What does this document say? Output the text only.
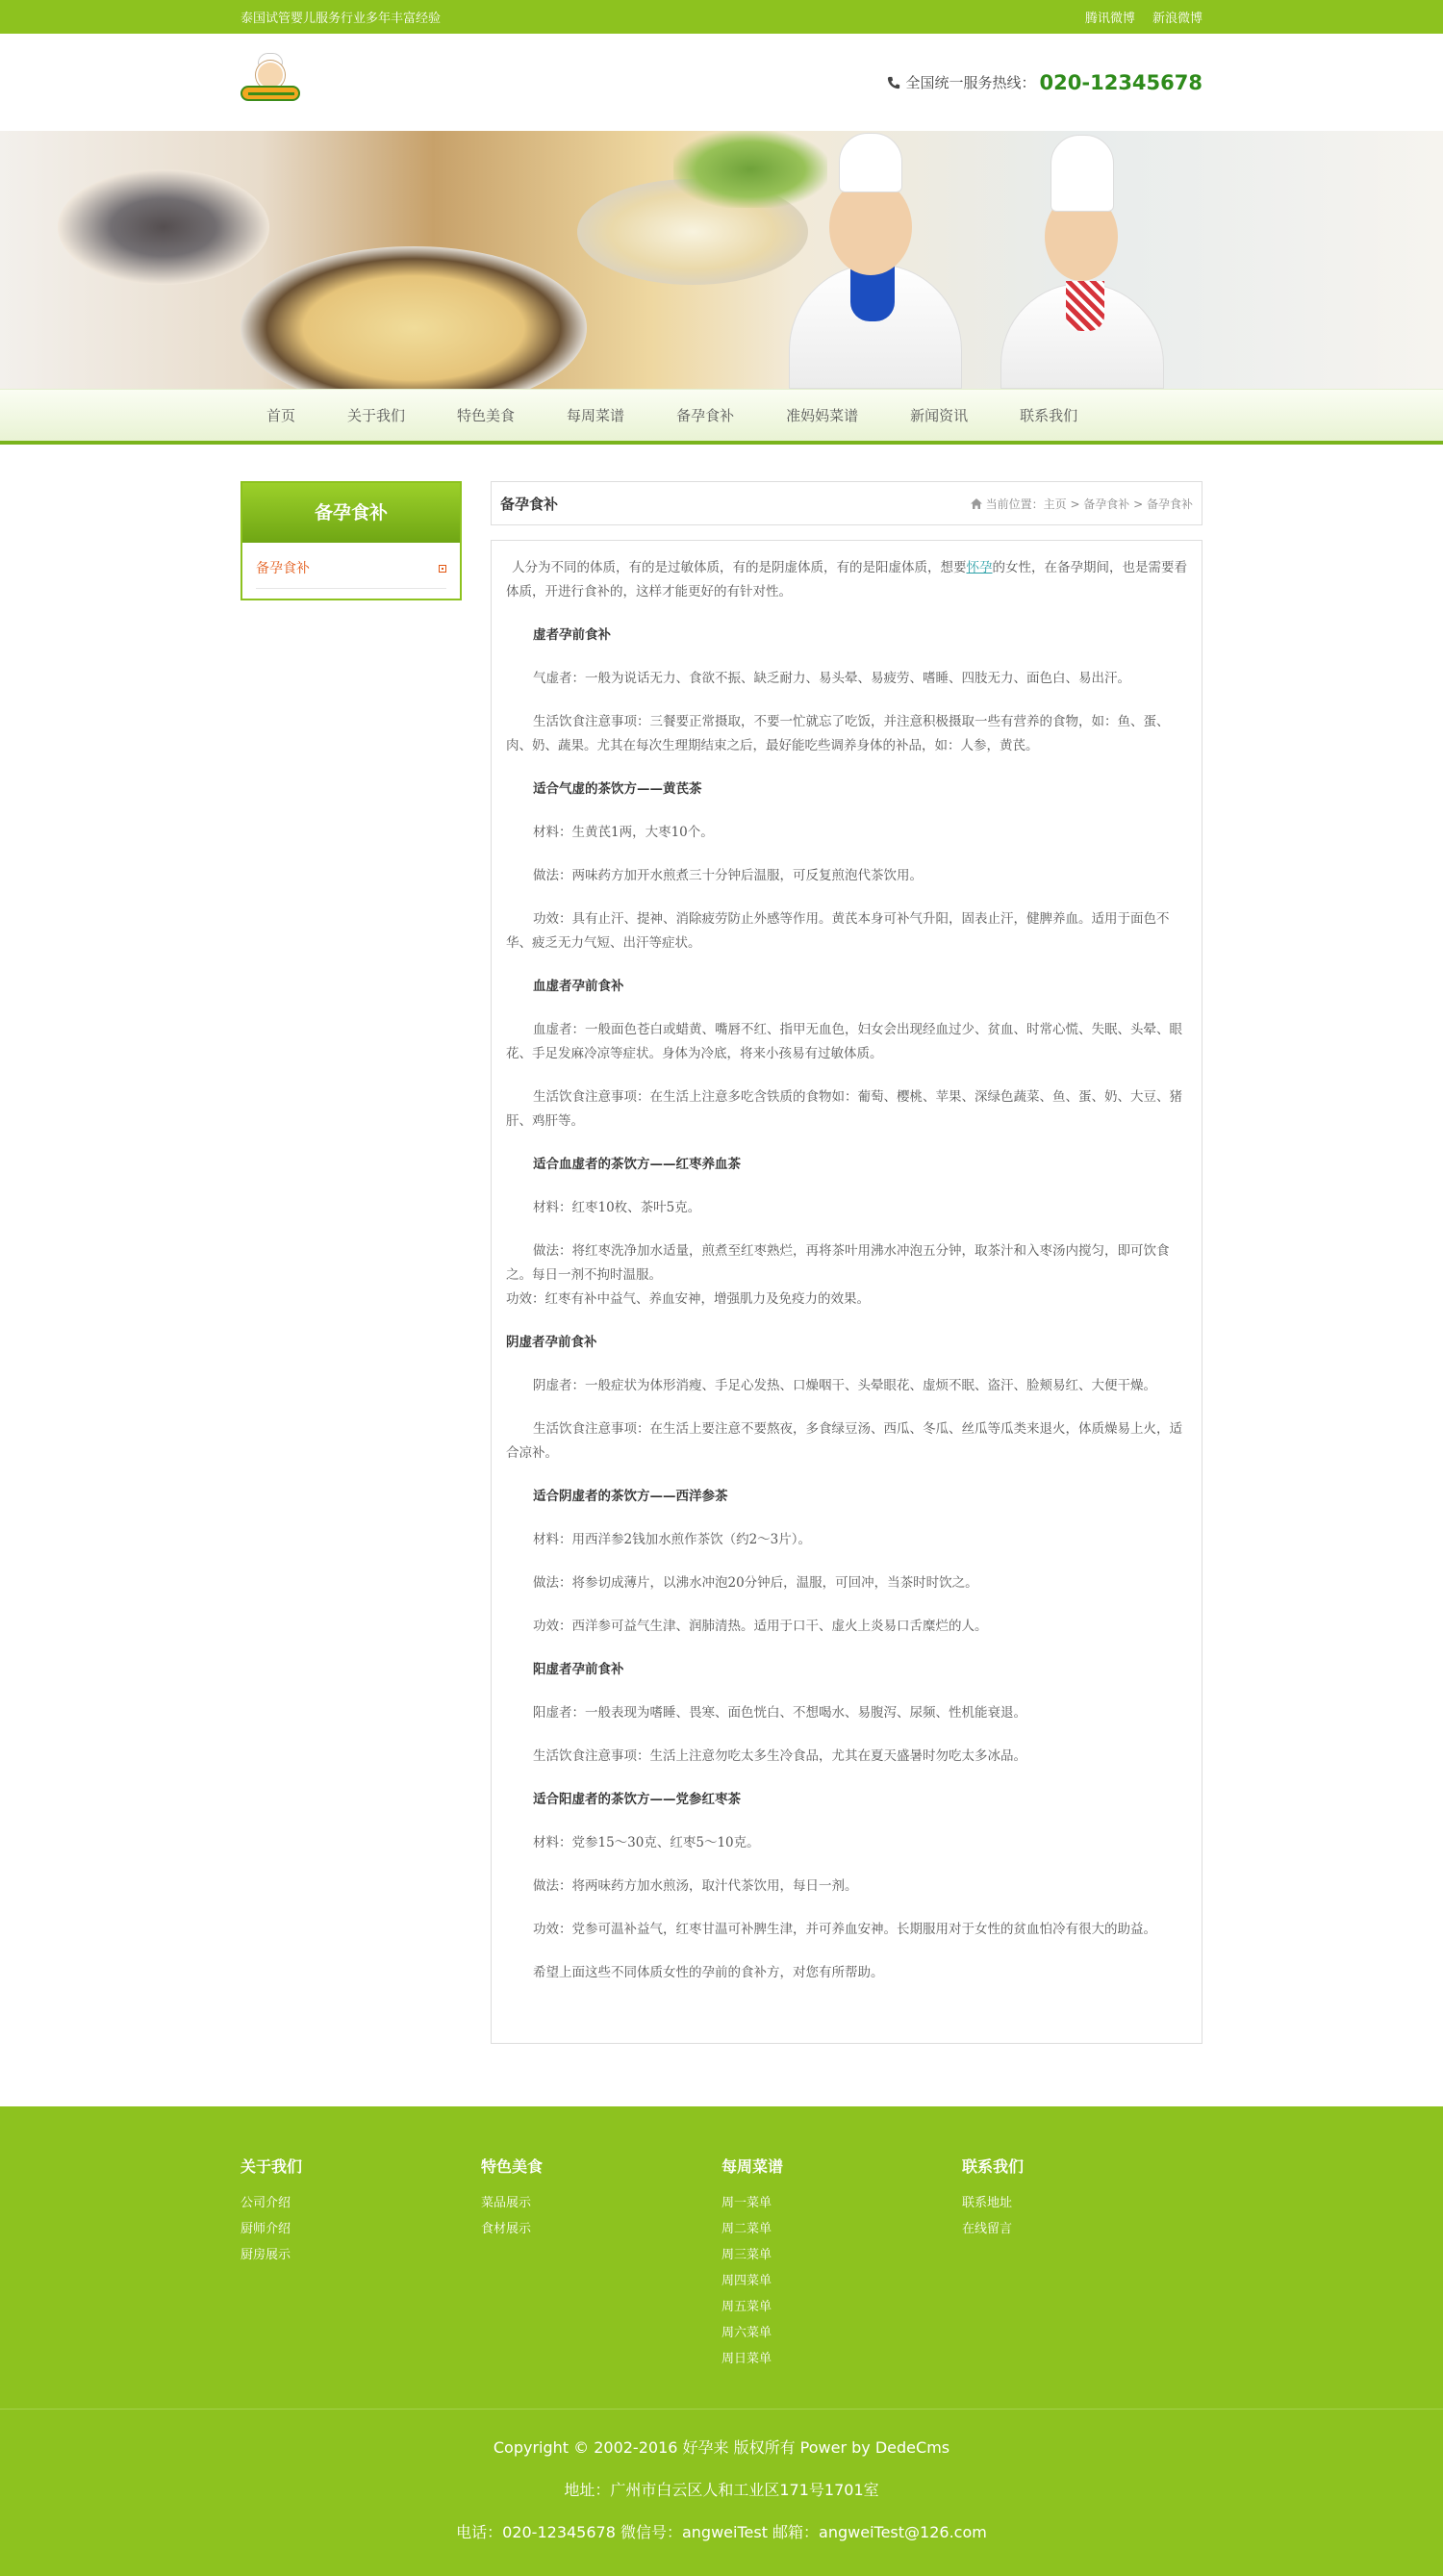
泰国试管婴儿服务行业多年丰富经验	腾讯微博 新浪微博
全国统一服务热线： 020-12345678
首页	关于我们	特色美食	每周菜谱	备孕食补	准妈妈菜谱	新闻资讯	联系我们
备孕食补
备孕食补
备孕食补	当前位置：主页 > 备孕食补 > 备孕食补

人分为不同的体质，有的是过敏体质，有的是阴虚体质，有的是阳虚体质，想要怀孕的女性，在备孕期间，也是需要看体质，开进行食补的，这样才能更好的有针对性。

虚者孕前食补

气虚者：一般为说话无力、食欲不振、缺乏耐力、易头晕、易疲劳、嗜睡、四肢无力、面色白、易出汗。

生活饮食注意事项：三餐要正常摄取，不要一忙就忘了吃饭，并注意积极摄取一些有营养的食物，如：鱼、蛋、肉、奶、蔬果。尤其在每次生理期结束之后，最好能吃些调养身体的补品，如：人参，黄芪。

适合气虚的茶饮方——黄芪茶

材料：生黄芪1两，大枣10个。

做法：两味药方加开水煎煮三十分钟后温服，可反复煎泡代茶饮用。

功效：具有止汗、提神、消除疲劳防止外感等作用。黄芪本身可补气升阳，固表止汗，健脾养血。适用于面色不华、疲乏无力气短、出汗等症状。

血虚者孕前食补

血虚者：一般面色苍白或蜡黄、嘴唇不红、指甲无血色，妇女会出现经血过少、贫血、时常心慌、失眠、头晕、眼花、手足发麻冷凉等症状。身体为冷底，将来小孩易有过敏体质。

生活饮食注意事项：在生活上注意多吃含铁质的食物如：葡萄、樱桃、苹果、深绿色蔬菜、鱼、蛋、奶、大豆、猪肝、鸡肝等。

适合血虚者的茶饮方——红枣养血茶

材料：红枣10枚、茶叶5克。

做法：将红枣洗净加水适量，煎煮至红枣熟烂，再将茶叶用沸水冲泡五分钟，取茶汁和入枣汤内搅匀，即可饮食之。每日一剂不拘时温服。

功效：红枣有补中益气、养血安神，增强肌力及免疫力的效果。

阴虚者孕前食补

阴虚者：一般症状为体形消瘦、手足心发热、口燥咽干、头晕眼花、虚烦不眠、盗汗、脸颊易红、大便干燥。

生活饮食注意事项：在生活上要注意不要熬夜，多食绿豆汤、西瓜、冬瓜、丝瓜等瓜类来退火，体质燥易上火，适合凉补。

适合阴虚者的茶饮方——西洋参茶

材料：用西洋参2钱加水煎作茶饮（约2～3片）。

做法：将参切成薄片，以沸水冲泡20分钟后，温服，可回冲，当茶时时饮之。

功效：西洋参可益气生津、润肺清热。适用于口干、虚火上炎易口舌糜烂的人。

阳虚者孕前食补

阳虚者：一般表现为嗜睡、畏寒、面色恍白、不想喝水、易腹泻、尿频、性机能衰退。

生活饮食注意事项：生活上注意勿吃太多生冷食品，尤其在夏天盛暑时勿吃太多冰品。

适合阳虚者的茶饮方——党参红枣茶

材料：党参15～30克、红枣5～10克。

做法：将两味药方加水煎汤，取汁代茶饮用，每日一剂。

功效：党参可温补益气，红枣甘温可补脾生津，并可养血安神。长期服用对于女性的贫血怕冷有很大的助益。

希望上面这些不同体质女性的孕前的食补方，对您有所帮助。

关于我们
公司介绍
厨师介绍
厨房展示
特色美食
菜品展示
食材展示
每周菜谱
周一菜单
周二菜单
周三菜单
周四菜单
周五菜单
周六菜单
周日菜单
联系我们
联系地址
在线留言

Copyright © 2002-2016 好孕来 版权所有 Power by DedeCms

地址：广州市白云区人和工业区171号1701室

电话：020-12345678 微信号：angweiTest 邮箱：angweiTest@126.com
